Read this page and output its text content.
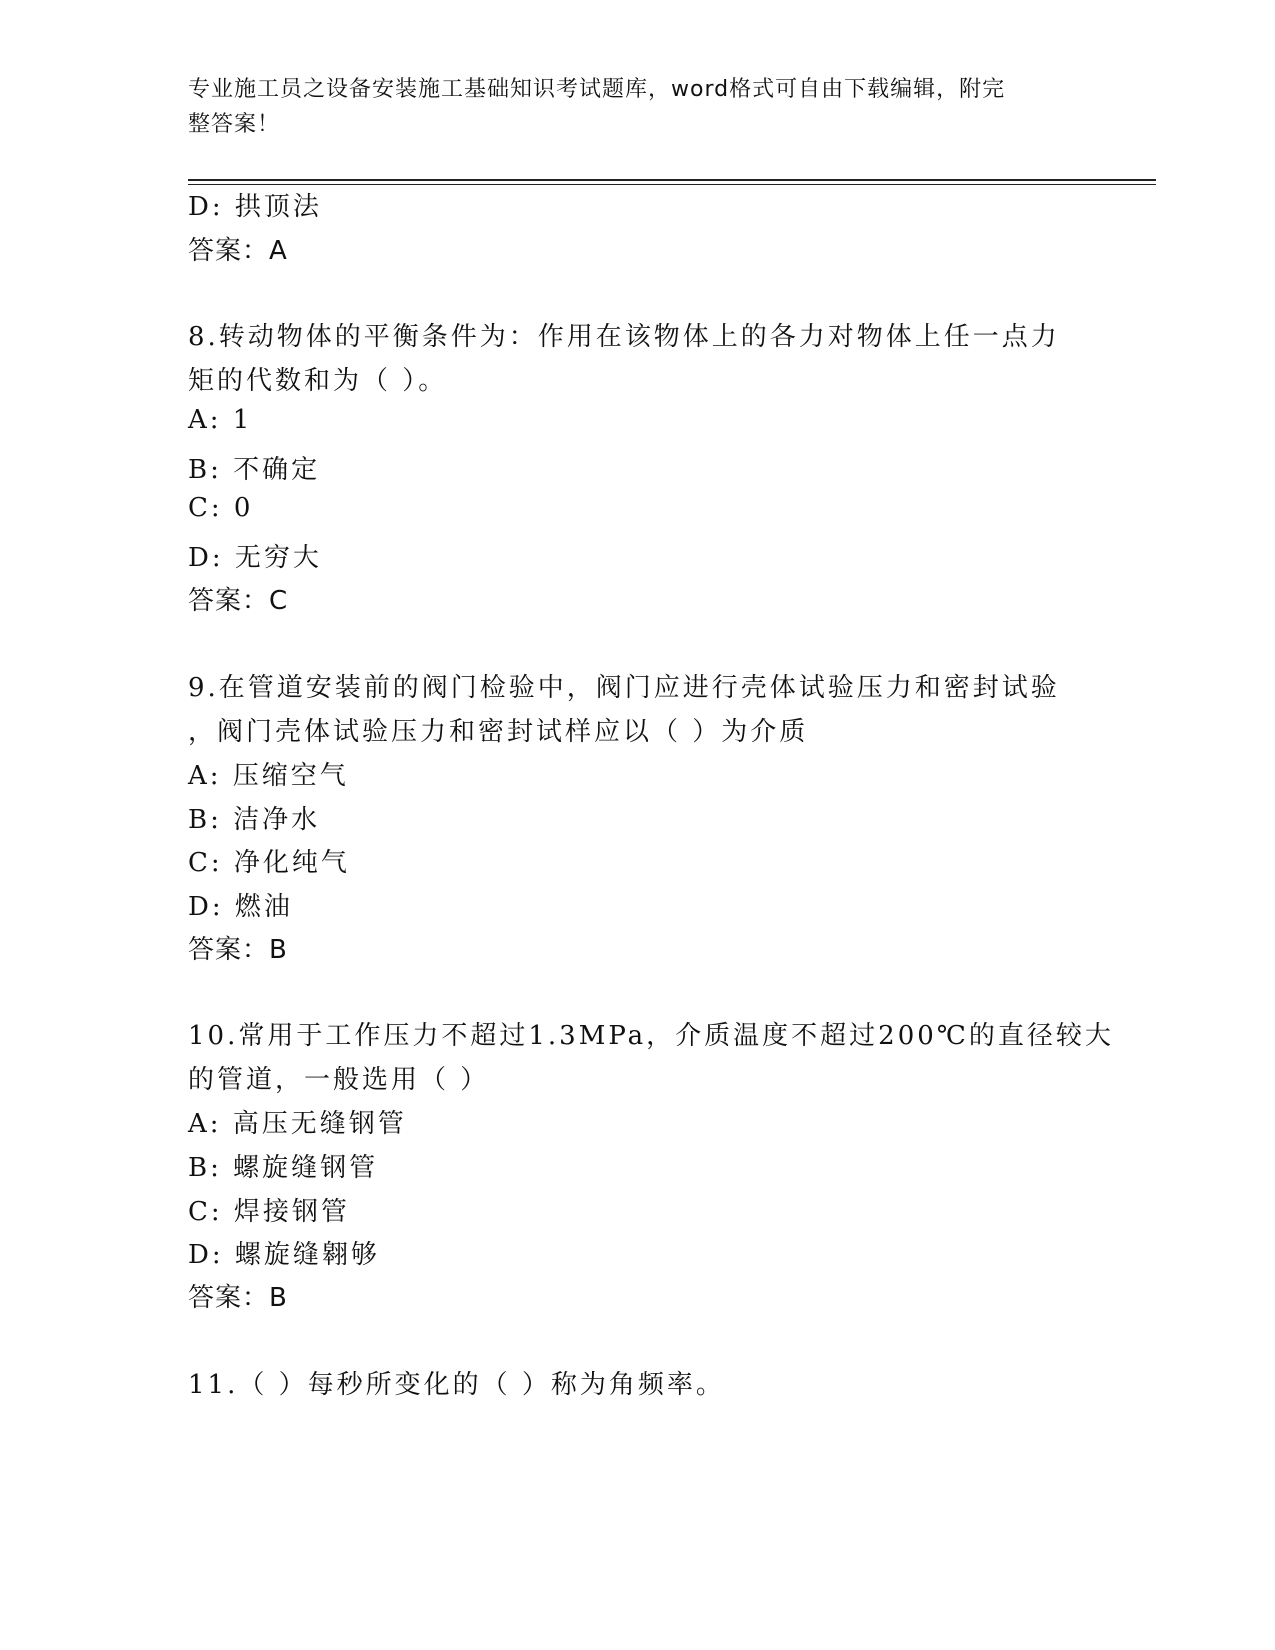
专业施工员之设备安装施工基础知识考试题库，word格式可自由下载编辑，附完
整答案！
D: 拱顶法
答案：A
8.转动物体的平衡条件为：作用在该物体上的各力对物体上任一点力
矩的代数和为（ ）。
A: 1
B: 不确定
C: 0
D: 无穷大
答案：C
9.在管道安装前的阀门检验中，阀门应进行壳体试验压力和密封试验
，阀门壳体试验压力和密封试样应以（ ）为介质
A: 压缩空气
B: 洁净水
C: 净化纯气
D: 燃油
答案：B
10.常用于工作压力不超过1.3MPa，介质温度不超过200℃的直径较大
的管道，一般选用（ ）
A: 高压无缝钢管
B: 螺旋缝钢管
C: 焊接钢管
D: 螺旋缝翱够
答案：B
11.（ ）每秒所变化的（ ）称为角频率。
